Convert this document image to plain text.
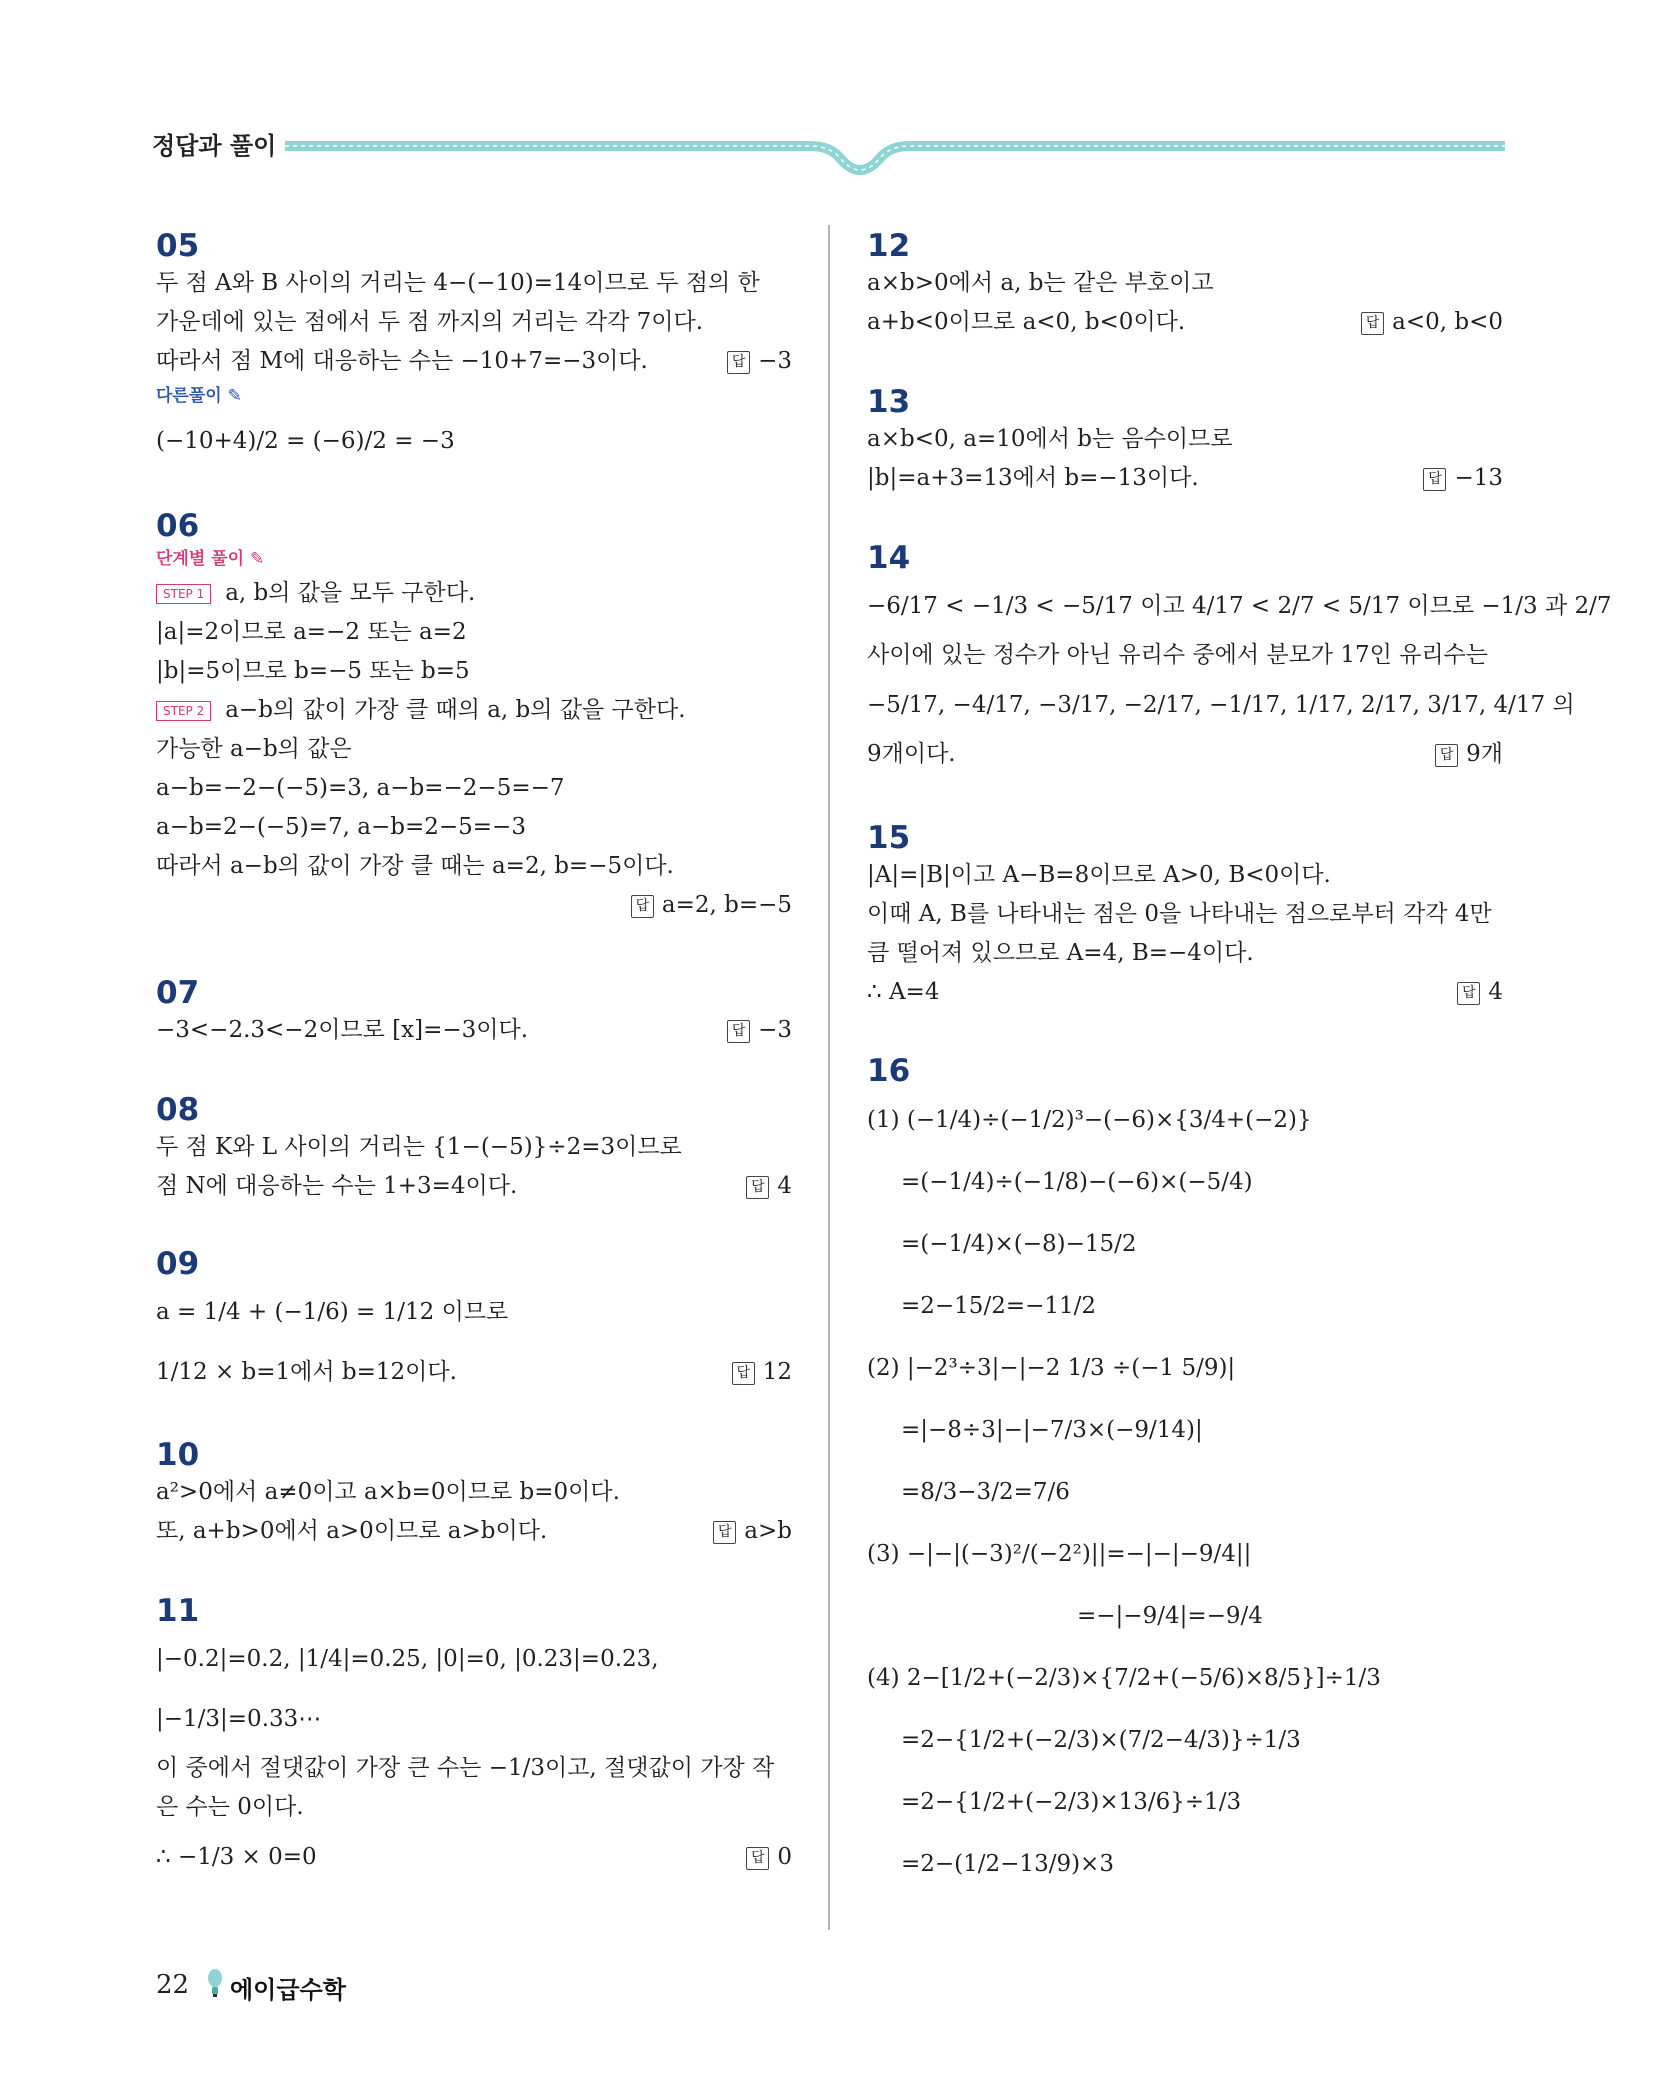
정답과 풀이
05
두 점 A와 B 사이의 거리는 4−(−10)=14이므로 두 점의 한
가운데에 있는 점에서 두 점 까지의 거리는 각각 7이다.
따라서 점 M에 대응하는 수는 −10+7=−3이다.	답 −3
다른풀이 ✎
(−10+4)/2 = (−6)/2 = −3
06
단계별 풀이 ✎
STEP 1 a, b의 값을 모두 구한다.
|a|=2이므로 a=−2 또는 a=2
|b|=5이므로 b=−5 또는 b=5
STEP 2 a−b의 값이 가장 클 때의 a, b의 값을 구한다.
가능한 a−b의 값은
a−b=−2−(−5)=3, a−b=−2−5=−7
a−b=2−(−5)=7, a−b=2−5=−3
따라서 a−b의 값이 가장 클 때는 a=2, b=−5이다.
답 a=2, b=−5
07
−3<−2.3<−2이므로 [x]=−3이다.	답 −3
08
두 점 K와 L 사이의 거리는 {1−(−5)}÷2=3이므로
점 N에 대응하는 수는 1+3=4이다.	답 4
09
a = 1/4 + (−1/6) = 1/12 이므로
1/12 × b=1에서 b=12이다.	답 12
10
a²>0에서 a≠0이고 a×b=0이므로 b=0이다.
또, a+b>0에서 a>0이므로 a>b이다.	답 a>b
11
|−0.2|=0.2, |1/4|=0.25, |0|=0, |0.23|=0.23,
|−1/3|=0.33⋯
이 중에서 절댓값이 가장 큰 수는 −1/3이고, 절댓값이 가장 작
은 수는 0이다.
∴ −1/3 × 0=0	답 0
12
a×b>0에서 a, b는 같은 부호이고
a+b<0이므로 a<0, b<0이다.	답 a<0, b<0
13
a×b<0, a=10에서 b는 음수이므로
|b|=a+3=13에서 b=−13이다.	답 −13
14
−6/17 < −1/3 < −5/17 이고 4/17 < 2/7 < 5/17 이므로 −1/3 과 2/7
사이에 있는 정수가 아닌 유리수 중에서 분모가 17인 유리수는
−5/17, −4/17, −3/17, −2/17, −1/17, 1/17, 2/17, 3/17, 4/17 의
9개이다.	답 9개
15
|A|=|B|이고 A−B=8이므로 A>0, B<0이다.
이때 A, B를 나타내는 점은 0을 나타내는 점으로부터 각각 4만
큼 떨어져 있으므로 A=4, B=−4이다.
∴ A=4	답 4
16
(1) (−1/4)÷(−1/2)³−(−6)×{3/4+(−2)}
=(−1/4)÷(−1/8)−(−6)×(−5/4)
=(−1/4)×(−8)−15/2
=2−15/2=−11/2
(2) |−2³÷3|−|−2 1/3 ÷(−1 5/9)|
=|−8÷3|−|−7/3×(−9/14)|
=8/3−3/2=7/6
(3) −|−|(−3)²/(−2²)||=−|−|−9/4||
=−|−9/4|=−9/4
(4) 2−[1/2+(−2/3)×{7/2+(−5/6)×8/5}]÷1/3
=2−{1/2+(−2/3)×(7/2−4/3)}÷1/3
=2−{1/2+(−2/3)×13/6}÷1/3
=2−(1/2−13/9)×3
22 에이급수학
